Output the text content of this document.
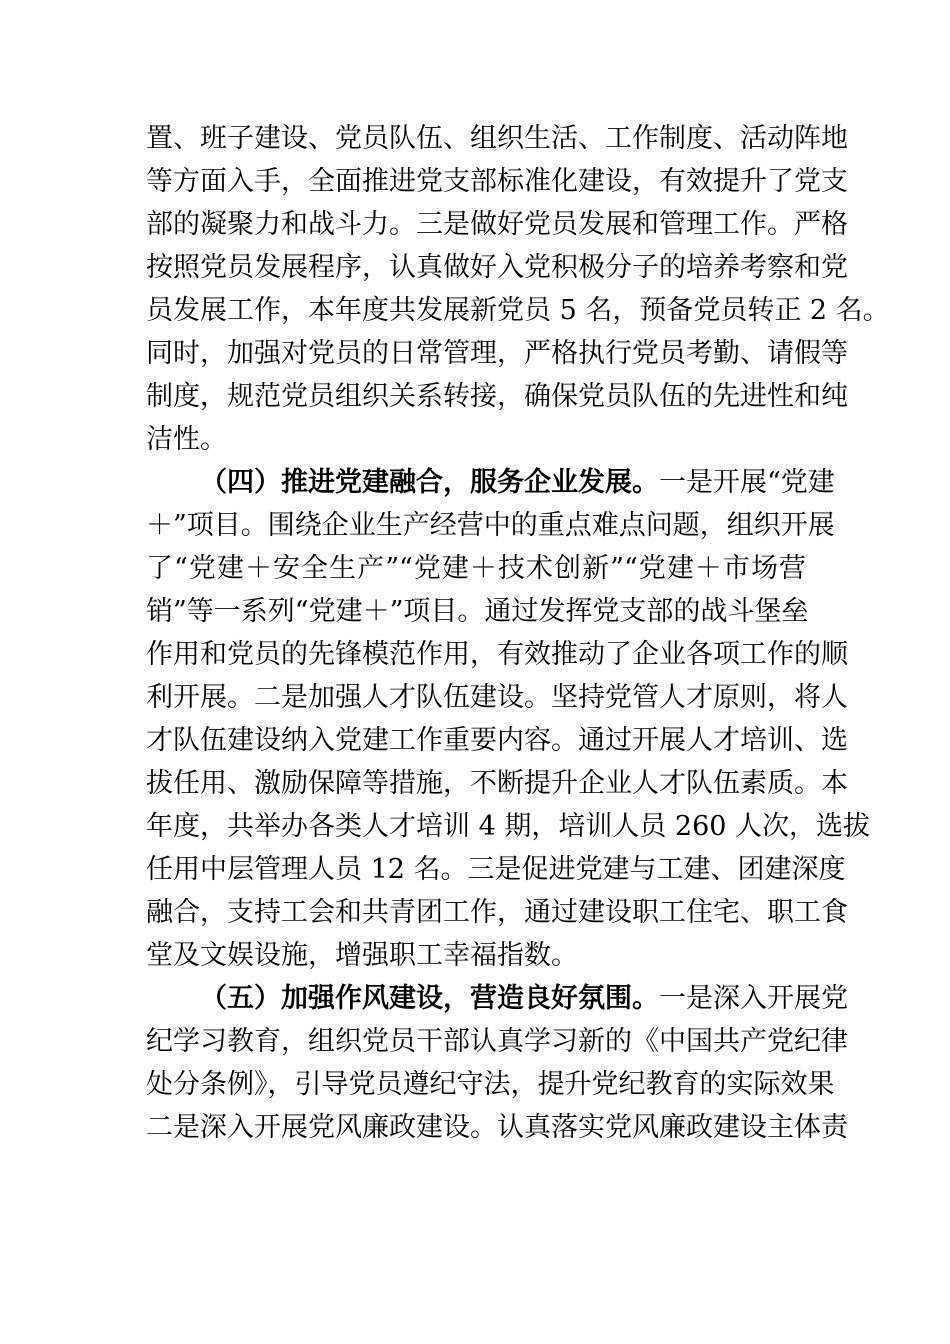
置、班子建设、党员队伍、组织生活、工作制度、活动阵地
等方面入手，全面推进党支部标准化建设，有效提升了党支
部的凝聚力和战斗力。三是做好党员发展和管理工作。严格
按照党员发展程序，认真做好入党积极分子的培养考察和党
员发展工作，本年度共发展新党员 5 名，预备党员转正 2 名。
同时，加强对党员的日常管理，严格执行党员考勤、请假等
制度，规范党员组织关系转接，确保党员队伍的先进性和纯
洁性。
（四）推进党建融合，服务企业发展。一是开展“党建
＋”项目。围绕企业生产经营中的重点难点问题，组织开展
了“党建＋安全生产”“党建＋技术创新”“党建＋市场营
销”等一系列“党建＋”项目。通过发挥党支部的战斗堡垒
作用和党员的先锋模范作用，有效推动了企业各项工作的顺
利开展。二是加强人才队伍建设。坚持党管人才原则，将人
才队伍建设纳入党建工作重要内容。通过开展人才培训、选
拔任用、激励保障等措施，不断提升企业人才队伍素质。本
年度，共举办各类人才培训 4 期，培训人员 260 人次，选拔
任用中层管理人员 12 名。三是促进党建与工建、团建深度
融合，支持工会和共青团工作，通过建设职工住宅、职工食
堂及文娱设施，增强职工幸福指数。
（五）加强作风建设，营造良好氛围。一是深入开展党
纪学习教育，组织党员干部认真学习新的《中国共产党纪律
处分条例》，引导党员遵纪守法，提升党纪教育的实际效果
二是深入开展党风廉政建设。认真落实党风廉政建设主体责
